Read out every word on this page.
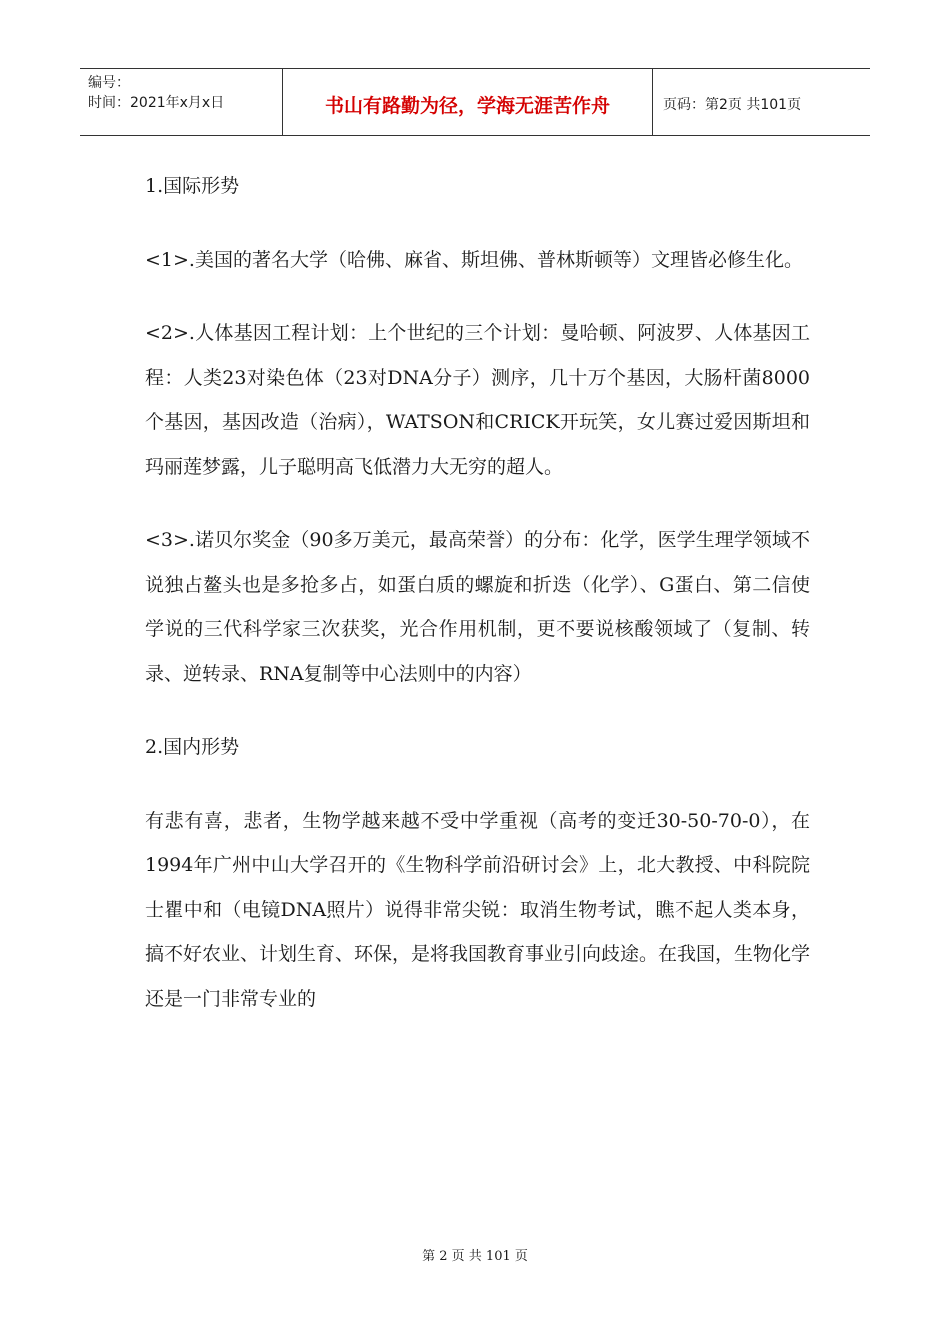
编号：
时间：2021年x月x日	书山有路勤为径，学海无涯苦作舟	页码：第2页 共101页

1.国际形势

<1>.美国的著名大学（哈佛、麻省、斯坦佛、普林斯顿等）文理皆必修生化。

<2>.人体基因工程计划：上个世纪的三个计划：曼哈顿、阿波罗、人体基因工程：人类23对染色体（23对DNA分子）测序，几十万个基因，大肠杆菌8000个基因，基因改造（治病），WATSON和CRICK开玩笑，女儿赛过爱因斯坦和玛丽莲梦露，儿子聪明高飞低潜力大无穷的超人。

<3>.诺贝尔奖金（90多万美元，最高荣誉）的分布：化学，医学生理学领域不说独占鳌头也是多抢多占，如蛋白质的螺旋和折迭（化学）、G蛋白、第二信使学说的三代科学家三次获奖，光合作用机制，更不要说核酸领域了（复制、转录、逆转录、RNA复制等中心法则中的内容）

2.国内形势

有悲有喜，悲者，生物学越来越不受中学重视（高考的变迁30-50-70-0），在1994年广州中山大学召开的《生物科学前沿研讨会》上，北大教授、中科院院士瞿中和（电镜DNA照片）说得非常尖锐：取消生物考试，瞧不起人类本身，搞不好农业、计划生育、环保，是将我国教育事业引向歧途。在我国，生物化学还是一门非常专业的

第 2 页 共 101 页
